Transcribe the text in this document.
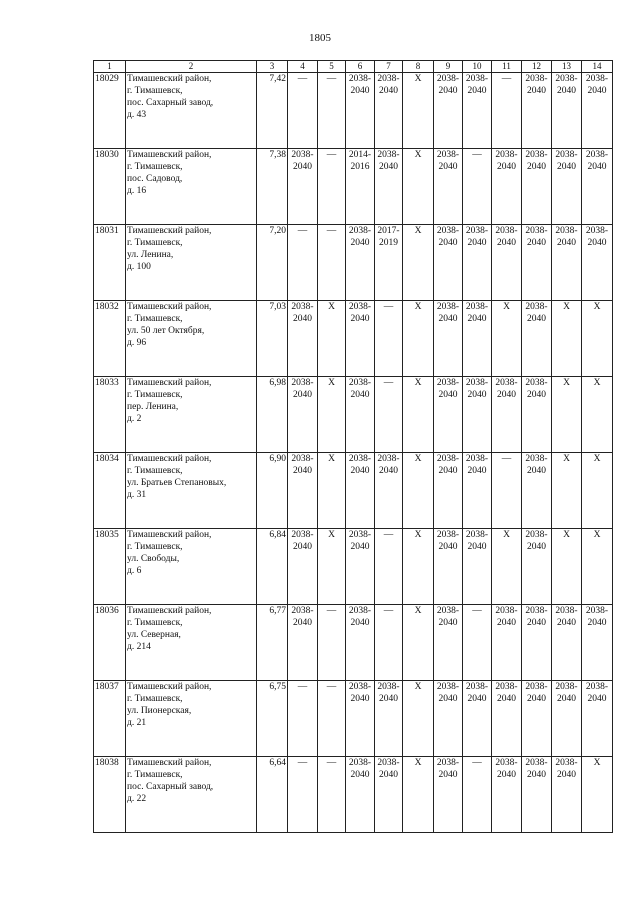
1805
1	2	3	4	5	6	7	8	9	10	11	12	13	14
18029	Тимашевский район,
г. Тимашевск,
пос. Сахарный завод,
д. 43	7,42	—	—	2038-
2040	2038-
2040	Х	2038-
2040	2038-
2040	—	2038-
2040	2038-
2040	2038-
2040
18030	Тимашевский район,
г. Тимашевск,
пос. Садовод,
д. 16	7,38	2038-
2040	—	2014-
2016	2038-
2040	Х	2038-
2040	—	2038-
2040	2038-
2040	2038-
2040	2038-
2040
18031	Тимашевский район,
г. Тимашевск,
ул. Ленина,
д. 100	7,20	—	—	2038-
2040	2017-
2019	Х	2038-
2040	2038-
2040	2038-
2040	2038-
2040	2038-
2040	2038-
2040
18032	Тимашевский район,
г. Тимашевск,
ул. 50 лет Октября,
д. 96	7,03	2038-
2040	Х	2038-
2040	—	Х	2038-
2040	2038-
2040	Х	2038-
2040	Х	Х
18033	Тимашевский район,
г. Тимашевск,
пер. Ленина,
д. 2	6,98	2038-
2040	Х	2038-
2040	—	Х	2038-
2040	2038-
2040	2038-
2040	2038-
2040	Х	Х
18034	Тимашевский район,
г. Тимашевск,
ул. Братьев Степановых,
д. 31	6,90	2038-
2040	Х	2038-
2040	2038-
2040	Х	2038-
2040	2038-
2040	—	2038-
2040	Х	Х
18035	Тимашевский район,
г. Тимашевск,
ул. Свободы,
д. 6	6,84	2038-
2040	Х	2038-
2040	—	Х	2038-
2040	2038-
2040	Х	2038-
2040	Х	Х
18036	Тимашевский район,
г. Тимашевск,
ул. Северная,
д. 214	6,77	2038-
2040	—	2038-
2040	—	Х	2038-
2040	—	2038-
2040	2038-
2040	2038-
2040	2038-
2040
18037	Тимашевский район,
г. Тимашевск,
ул. Пионерская,
д. 21	6,75	—	—	2038-
2040	2038-
2040	Х	2038-
2040	2038-
2040	2038-
2040	2038-
2040	2038-
2040	2038-
2040
18038	Тимашевский район,
г. Тимашевск,
пос. Сахарный завод,
д. 22	6,64	—	—	2038-
2040	2038-
2040	Х	2038-
2040	—	2038-
2040	2038-
2040	2038-
2040	Х
